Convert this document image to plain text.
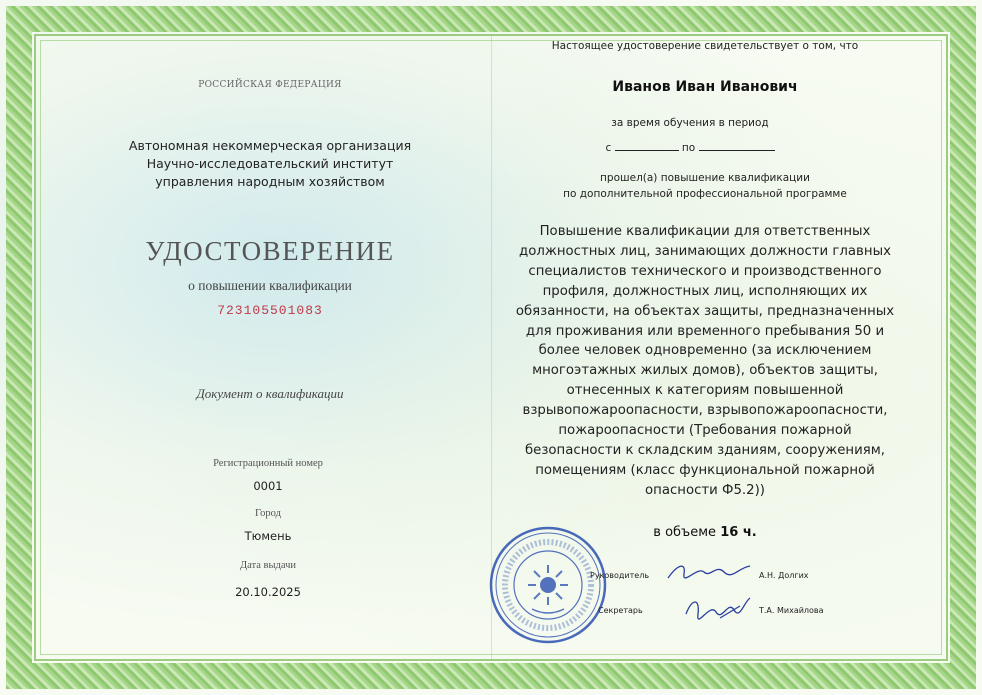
РОССИЙСКАЯ ФЕДЕРАЦИЯ
Автономная некоммерческая организация
Научно-исследовательский институт
управления народным хозяйством
УДОСТОВЕРЕНИЕ
о повышении квалификации
723105501083
Документ о квалификации
Регистрационный номер
0001
Город
Тюмень
Дата выдачи
20.10.2025
Настоящее удостоверение свидетельствует о том, что
Иванов Иван Иванович
за время обучения в период
с	по
прошел(а) повышение квалификации
по дополнительной профессиональной программе
Повышение квалификации для ответственных
должностных лиц, занимающих должности главных
специалистов технического и производственного
профиля, должностных лиц, исполняющих их
обязанности, на объектах защиты, предназначенных
для проживания или временного пребывания 50 и
более человек одновременно (за исключением
многоэтажных жилых домов), объектов защиты,
отнесенных к категориям повышенной
взрывопожароопасности, взрывопожароопасности,
пожароопасности (Требования пожарной
безопасности к складским зданиям, сооружениям,
помещениям (класс функциональной пожарной
опасности Ф5.2))
в объеме 16 ч.
Руководитель	А.Н. Долгих
Секретарь	Т.А. Михайлова
